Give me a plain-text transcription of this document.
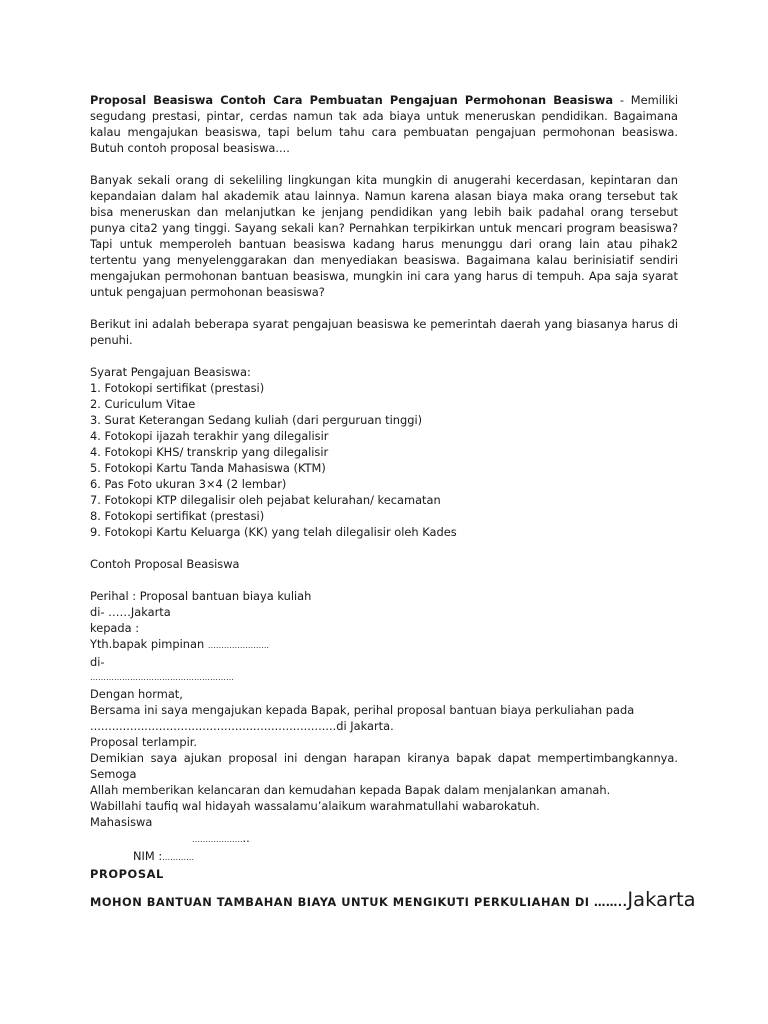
Proposal Beasiswa Contoh Cara Pembuatan Pengajuan Permohonan Beasiswa - Memiliki segudang prestasi, pintar, cerdas namun tak ada biaya untuk meneruskan pendidikan. Bagaimana kalau mengajukan beasiswa, tapi belum tahu cara pembuatan pengajuan permohonan beasiswa. Butuh contoh proposal beasiswa....

Banyak sekali orang di sekeliling lingkungan kita mungkin di anugerahi kecerdasan, kepintaran dan kepandaian dalam hal akademik atau lainnya. Namun karena alasan biaya maka orang tersebut tak bisa meneruskan dan melanjutkan ke jenjang pendidikan yang lebih baik padahal orang tersebut punya cita2 yang tinggi. Sayang sekali kan? Pernahkan terpikirkan untuk mencari program beasiswa? Tapi untuk memperoleh bantuan beasiswa kadang harus menunggu dari orang lain atau pihak2 tertentu yang menyelenggarakan dan menyediakan beasiswa. Bagaimana kalau berinisiatif sendiri mengajukan permohonan bantuan beasiswa, mungkin ini cara yang harus di tempuh. Apa saja syarat untuk pengajuan permohonan beasiswa?

Berikut ini adalah beberapa syarat pengajuan beasiswa ke pemerintah daerah yang biasanya harus di penuhi.

Syarat Pengajuan Beasiswa:
1. Fotokopi sertifikat (prestasi)
2. Curiculum Vitae
3. Surat Keterangan Sedang kuliah (dari perguruan tinggi)
4. Fotokopi ijazah terakhir yang dilegalisir
4. Fotokopi KHS/ transkrip yang dilegalisir
5. Fotokopi Kartu Tanda Mahasiswa (KTM)
6. Pas Foto ukuran 3×4 (2 lembar)
7. Fotokopi KTP dilegalisir oleh pejabat kelurahan/ kecamatan
8. Fotokopi sertifikat (prestasi)
9. Fotokopi Kartu Keluarga (KK) yang telah dilegalisir oleh Kades

Contoh Proposal Beasiswa

Perihal : Proposal bantuan biaya kuliah
di- ……Jakarta
kepada :
Yth.bapak pimpinan …………………..
di-
………………………………………………
Dengan hormat,
Bersama ini saya mengajukan kepada Bapak, perihal proposal bantuan biaya perkuliahan pada
....................................................................di Jakarta.
Proposal terlampir.
Demikian saya ajukan proposal ini dengan harapan kiranya bapak dapat mempertimbangkannya. Semoga
Allah memberikan kelancaran dan kemudahan kepada Bapak dalam menjalankan amanah.
Wabillahi taufiq wal hidayah wassalamu’alaikum warahmatullahi wabarokatuh.
Mahasiswa
………………...
NIM :…………
PROPOSAL
MOHON BANTUAN TAMBAHAN BIAYA UNTUK MENGIKUTI PERKULIAHAN DI ……..Jakarta
